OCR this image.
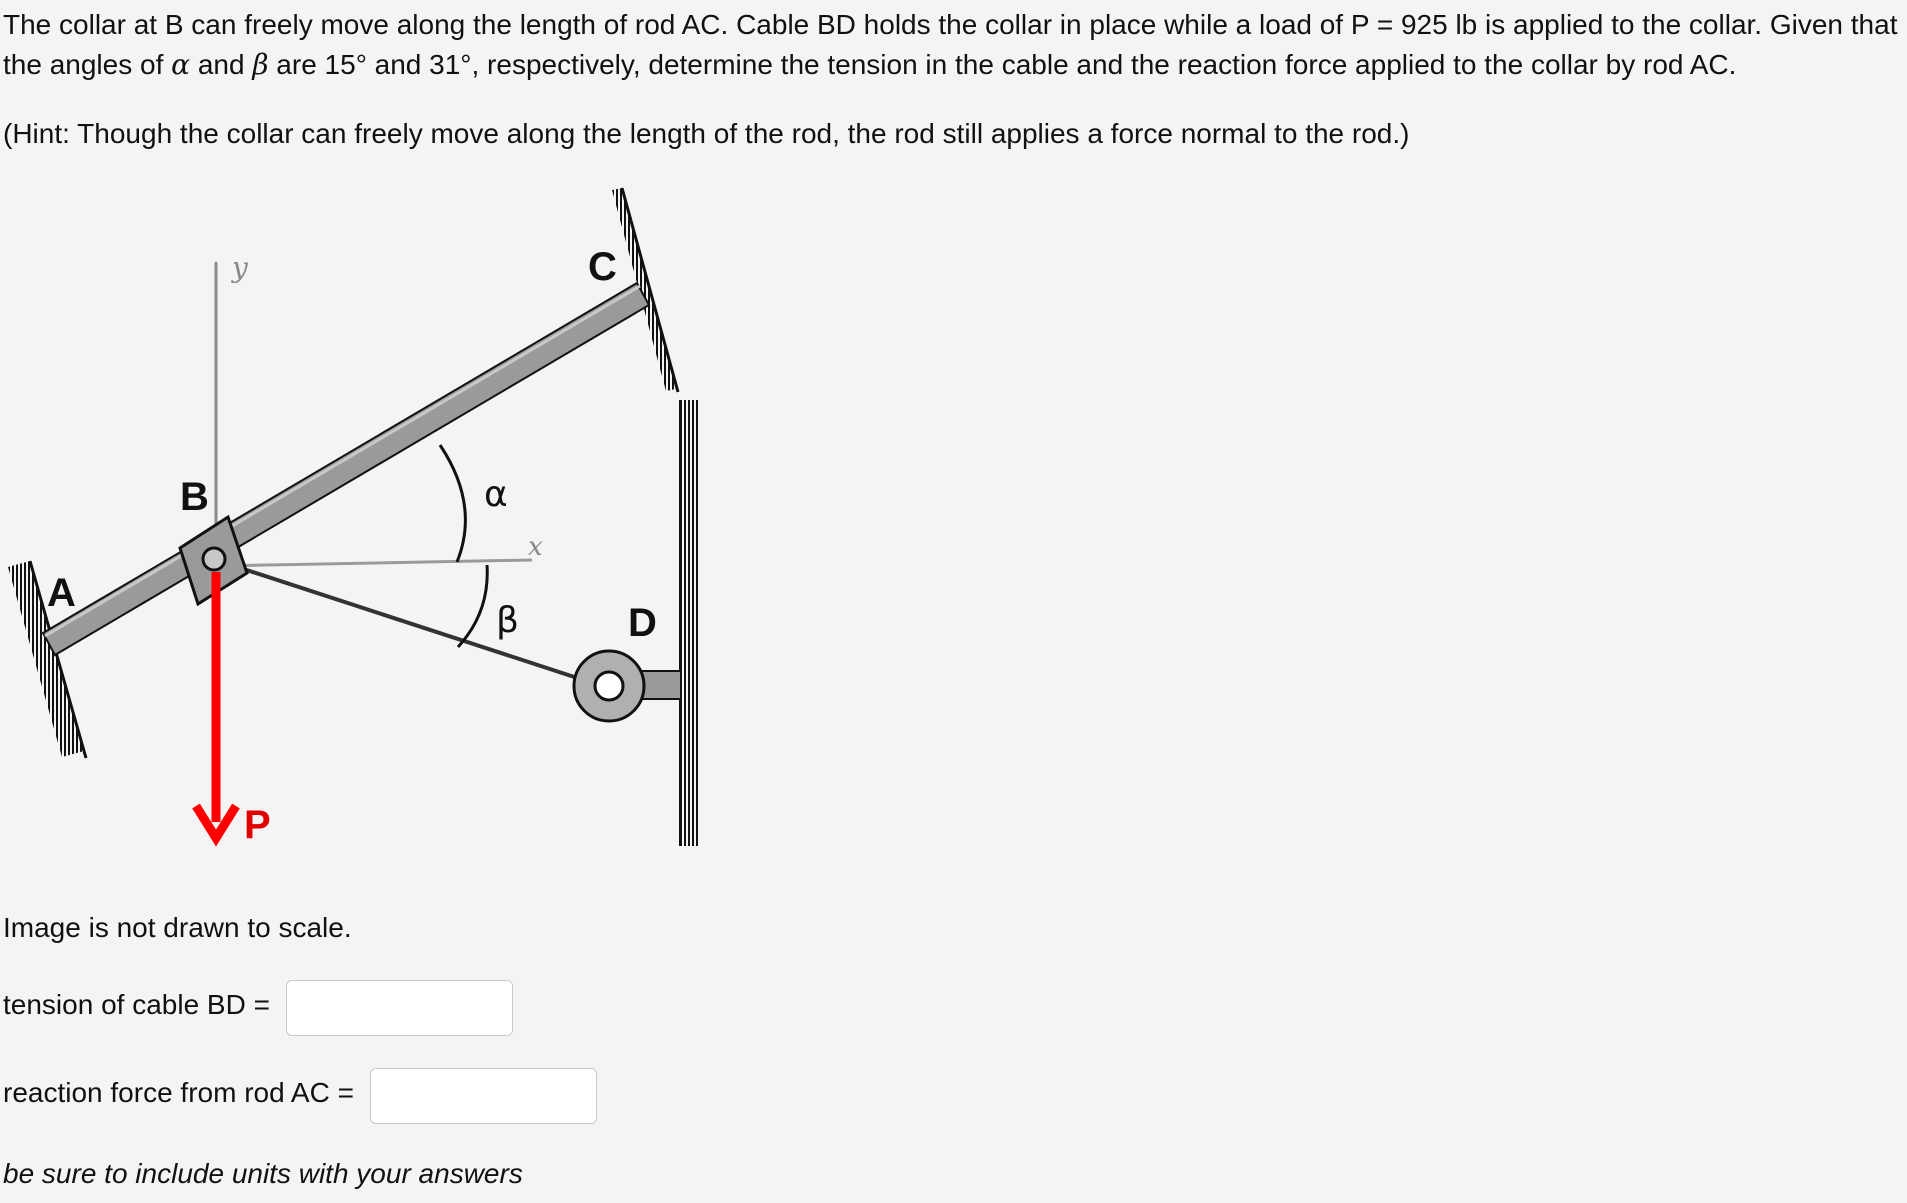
The collar at B can freely move along the length of rod AC. Cable BD holds the collar in place while a load of P = 925 lb is applied to the collar. Given that the angles of α and β are 15° and 31°, respectively, determine the tension in the cable and the reaction force applied to the collar by rod AC.
(Hint: Though the collar can freely move along the length of the rod, the rod still applies a force normal to the rod.)
A
B
C
D
P
α
β
x
y
Image is not drawn to scale.
tension of cable BD =
reaction force from rod AC =
be sure to include units with your answers
